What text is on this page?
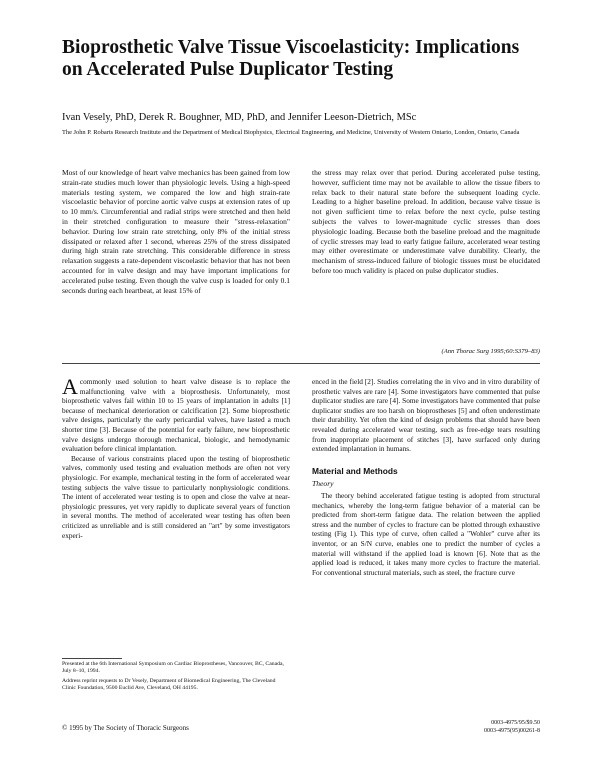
Bioprosthetic Valve Tissue Viscoelasticity: Implications on Accelerated Pulse Duplicator Testing

Ivan Vesely, PhD, Derek R. Boughner, MD, PhD, and Jennifer Leeson-Dietrich, MSc

The John P. Robarts Research Institute and the Department of Medical Biophysics, Electrical Engineering, and Medicine, University of Western Ontario, London, Ontario, Canada

Most of our knowledge of heart valve mechanics has been gained from low strain-rate studies much lower than physiologic levels. Using a high-speed materials testing system, we compared the low and high strain-rate viscoelastic behavior of porcine aortic valve cusps at extension rates of up to 10 mm/s. Circumferential and radial strips were stretched and then held in their stretched configuration to measure their "stress-relaxation" behavior. During low strain rate stretching, only 8% of the initial stress dissipated or relaxed after 1 second, whereas 25% of the stress dissipated during high strain rate stretching. This considerable difference in stress relaxation suggests a rate-dependent viscoelastic behavior that has not been accounted for in valve design and may have important implications for accelerated pulse testing. Even though the valve cusp is loaded for only 0.1 seconds during each heartbeat, at least 15% of

the stress may relax over that period. During accelerated pulse testing, however, sufficient time may not be available to allow the tissue fibers to relax back to their natural state before the subsequent loading cycle. Leading to a higher baseline preload. In addition, because valve tissue is not given sufficient time to relax before the next cycle, pulse testing subjects the valves to lower-magnitude cyclic stresses than does physiologic loading. Because both the baseline preload and the magnitude of cyclic stresses may lead to early fatigue failure, accelerated wear testing may either overestimate or underestimate valve durability. Clearly, the mechanism of stress-induced failure of biologic tissues must be elucidated before too much validity is placed on pulse duplicator studies.

(Ann Thorac Surg 1995;60:S379–83)

A commonly used solution to heart valve disease is to replace the malfunctioning valve with a bioprosthesis. Unfortunately, most bioprosthetic valves fail within 10 to 15 years of implantation in adults [1] because of mechanical deterioration or calcification [2]. Some bioprosthetic valve designs, particularly the early pericardial valves, have lasted a much shorter time [3]. Because of the potential for early failure, new bioprosthetic valve designs undergo thorough mechanical, biologic, and hemodynamic evaluation before clinical implantation.

Because of various constraints placed upon the testing of bioprosthetic valves, commonly used testing and evaluation methods are often not very physiologic. For example, mechanical testing in the form of accelerated wear testing subjects the valve tissue to particularly nonphysiologic conditions. The intent of accelerated wear testing is to open and close the valve at near-physiologic pressures, yet very rapidly to duplicate several years of function in several months. The method of accelerated wear testing has often been criticized as unreliable and is still considered an "art" by some investigators experi-

enced in the field [2]. Studies correlating the in vivo and in vitro durability of prosthetic valves are rare [4]. Some investigators have commented that pulse duplicator studies are rare [4]. Some investigators have commented that pulse duplicator studies are too harsh on bioprostheses [5] and often underestimate their durability. Yet often the kind of design problems that should have been revealed during accelerated wear testing, such as free-edge tears resulting from inappropriate placement of stitches [3], have surfaced only during extended implantation in humans.

Material and Methods
Theory

The theory behind accelerated fatigue testing is adopted from structural mechanics, whereby the long-term fatigue behavior of a material can be predicted from short-term fatigue data. The relation between the applied stress and the number of cycles to fracture can be plotted through exhaustive testing (Fig 1). This type of curve, often called a "Wohler" curve after its inventor, or an S/N curve, enables one to predict the number of cycles a material will withstand if the applied load is known [6]. Note that as the applied load is reduced, it takes many more cycles to fracture the material. For conventional structural materials, such as steel, the fracture curve

Presented at the 6th International Symposium on Cardiac Bioprostheses, Vancouver, BC, Canada, July 8–10, 1994.

Address reprint requests to Dr Vesely, Department of Biomedical Engineering, The Cleveland Clinic Foundation, 9500 Euclid Ave, Cleveland, OH 44195.

© 1995 by The Society of Thoracic Surgeons

0003-4975/95/$9.50
0003-4975(95)00261-8
